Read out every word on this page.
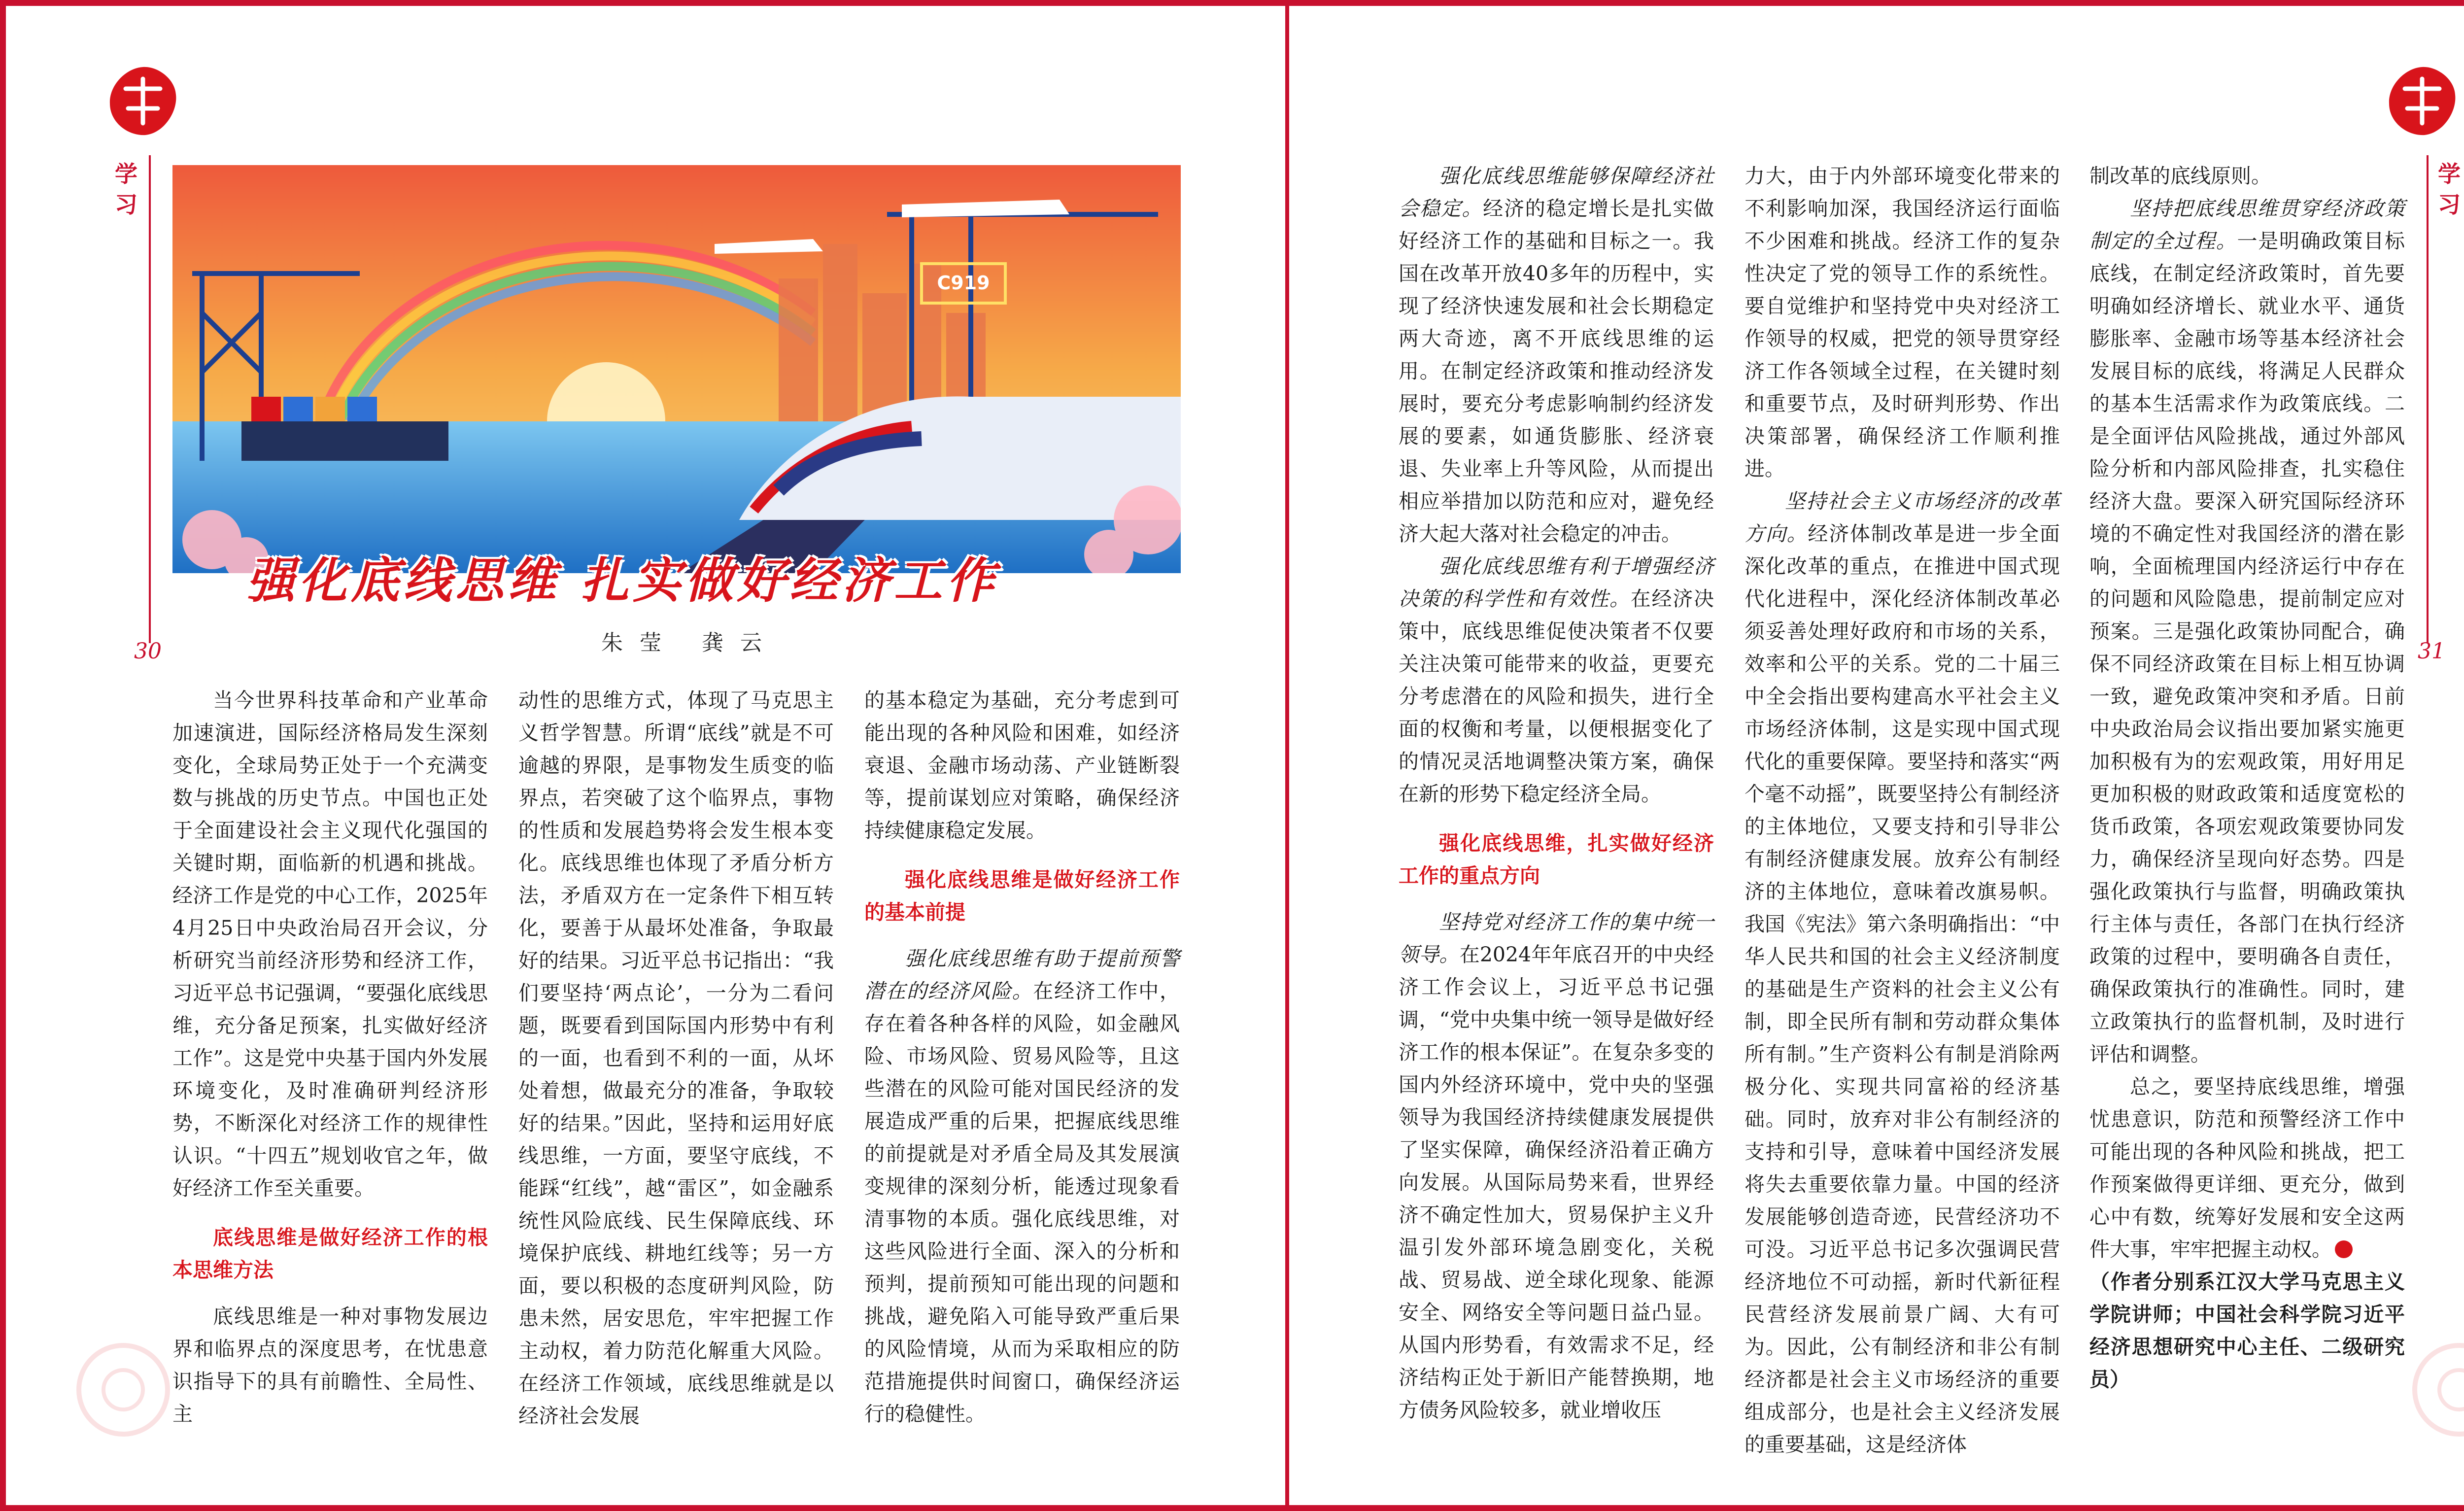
学习
30
学习
31
C919
强化底线思维 扎实做好经济工作
朱莹 龚云

当今世界科技革命和产业革命加速演进，国际经济格局发生深刻变化，全球局势正处于一个充满变数与挑战的历史节点。中国也正处于全面建设社会主义现代化强国的关键时期，面临新的机遇和挑战。经济工作是党的中心工作，2025年4月25日中央政治局召开会议，分析研究当前经济形势和经济工作，习近平总书记强调，“要强化底线思维，充分备足预案，扎实做好经济工作”。这是党中央基于国内外发展环境变化，及时准确研判经济形势，不断深化对经济工作的规律性认识。“十四五”规划收官之年，做好经济工作至关重要。

底线思维是做好经济工作的根本思维方法

底线思维是一种对事物发展边界和临界点的深度思考，在忧患意识指导下的具有前瞻性、全局性、主

动性的思维方式，体现了马克思主义哲学智慧。所谓“底线”就是不可逾越的界限，是事物发生质变的临界点，若突破了这个临界点，事物的性质和发展趋势将会发生根本变化。底线思维也体现了矛盾分析方法，矛盾双方在一定条件下相互转化，要善于从最坏处准备，争取最好的结果。习近平总书记指出：“我们要坚持‘两点论’，一分为二看问题，既要看到国际国内形势中有利的一面，也看到不利的一面，从坏处着想，做最充分的准备，争取较好的结果。”因此，坚持和运用好底线思维，一方面，要坚守底线，不能踩“红线”，越“雷区”，如金融系统性风险底线、民生保障底线、环境保护底线、耕地红线等；另一方面，要以积极的态度研判风险，防患未然，居安思危，牢牢把握工作主动权，着力防范化解重大风险。在经济工作领域，底线思维就是以经济社会发展

的基本稳定为基础，充分考虑到可能出现的各种风险和困难，如经济衰退、金融市场动荡、产业链断裂等，提前谋划应对策略，确保经济持续健康稳定发展。

强化底线思维是做好经济工作的基本前提

强化底线思维有助于提前预警潜在的经济风险。在经济工作中，存在着各种各样的风险，如金融风险、市场风险、贸易风险等，且这些潜在的风险可能对国民经济的发展造成严重的后果，把握底线思维的前提就是对矛盾全局及其发展演变规律的深刻分析，能透过现象看清事物的本质。强化底线思维，对这些风险进行全面、深入的分析和预判，提前预知可能出现的问题和挑战，避免陷入可能导致严重后果的风险情境，从而为采取相应的防范措施提供时间窗口，确保经济运行的稳健性。

强化底线思维能够保障经济社会稳定。经济的稳定增长是扎实做好经济工作的基础和目标之一。我国在改革开放40多年的历程中，实现了经济快速发展和社会长期稳定两大奇迹，离不开底线思维的运用。在制定经济政策和推动经济发展时，要充分考虑影响制约经济发展的要素，如通货膨胀、经济衰退、失业率上升等风险，从而提出相应举措加以防范和应对，避免经济大起大落对社会稳定的冲击。

强化底线思维有利于增强经济决策的科学性和有效性。在经济决策中，底线思维促使决策者不仅要关注决策可能带来的收益，更要充分考虑潜在的风险和损失，进行全面的权衡和考量，以便根据变化了的情况灵活地调整决策方案，确保在新的形势下稳定经济全局。

强化底线思维，扎实做好经济工作的重点方向

坚持党对经济工作的集中统一领导。在2024年年底召开的中央经济工作会议上，习近平总书记强调，“党中央集中统一领导是做好经济工作的根本保证”。在复杂多变的国内外经济环境中，党中央的坚强领导为我国经济持续健康发展提供了坚实保障，确保经济沿着正确方向发展。从国际局势来看，世界经济不确定性加大，贸易保护主义升温引发外部环境急剧变化，关税战、贸易战、逆全球化现象、能源安全、网络安全等问题日益凸显。从国内形势看，有效需求不足，经济结构正处于新旧产能替换期，地方债务风险较多，就业增收压

力大，由于内外部环境变化带来的不利影响加深，我国经济运行面临不少困难和挑战。经济工作的复杂性决定了党的领导工作的系统性。要自觉维护和坚持党中央对经济工作领导的权威，把党的领导贯穿经济工作各领域全过程，在关键时刻和重要节点，及时研判形势、作出决策部署，确保经济工作顺利推进。

坚持社会主义市场经济的改革方向。经济体制改革是进一步全面深化改革的重点，在推进中国式现代化进程中，深化经济体制改革必须妥善处理好政府和市场的关系，效率和公平的关系。党的二十届三中全会指出要构建高水平社会主义市场经济体制，这是实现中国式现代化的重要保障。要坚持和落实“两个毫不动摇”，既要坚持公有制经济的主体地位，又要支持和引导非公有制经济健康发展。放弃公有制经济的主体地位，意味着改旗易帜。我国《宪法》第六条明确指出：“中华人民共和国的社会主义经济制度的基础是生产资料的社会主义公有制，即全民所有制和劳动群众集体所有制。”生产资料公有制是消除两极分化、实现共同富裕的经济基础。同时，放弃对非公有制经济的支持和引导，意味着中国经济发展将失去重要依靠力量。中国的经济发展能够创造奇迹，民营经济功不可没。习近平总书记多次强调民营经济地位不可动摇，新时代新征程民营经济发展前景广阔、大有可为。因此，公有制经济和非公有制经济都是社会主义市场经济的重要组成部分，也是社会主义经济发展的重要基础，这是经济体

制改革的底线原则。

坚持把底线思维贯穿经济政策制定的全过程。一是明确政策目标底线，在制定经济政策时，首先要明确如经济增长、就业水平、通货膨胀率、金融市场等基本经济社会发展目标的底线，将满足人民群众的基本生活需求作为政策底线。二是全面评估风险挑战，通过外部风险分析和内部风险排查，扎实稳住经济大盘。要深入研究国际经济环境的不确定性对我国经济的潜在影响，全面梳理国内经济运行中存在的问题和风险隐患，提前制定应对预案。三是强化政策协同配合，确保不同经济政策在目标上相互协调一致，避免政策冲突和矛盾。日前中央政治局会议指出要加紧实施更加积极有为的宏观政策，用好用足更加积极的财政政策和适度宽松的货币政策，各项宏观政策要协同发力，确保经济呈现向好态势。四是强化政策执行与监督，明确政策执行主体与责任，各部门在执行经济政策的过程中，要明确各自责任，确保政策执行的准确性。同时，建立政策执行的监督机制，及时进行评估和调整。

总之，要坚持底线思维，增强忧患意识，防范和预警经济工作中可能出现的各种风险和挑战，把工作预案做得更详细、更充分，做到心中有数，统筹好发展和安全这两件大事，牢牢把握主动权。

（作者分别系江汉大学马克思主义学院讲师；中国社会科学院习近平经济思想研究中心主任、二级研究员）
